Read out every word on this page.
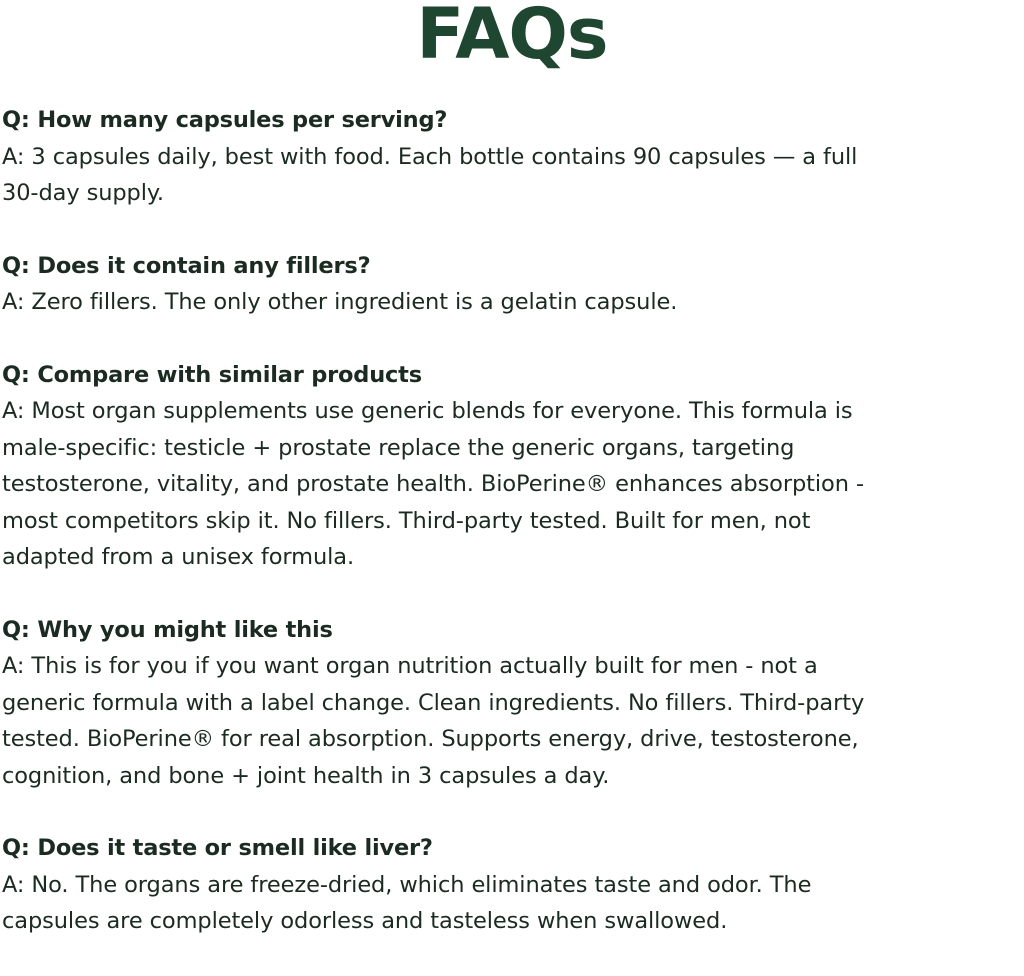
FAQs
Q: How many capsules per serving?
A: 3 capsules daily, best with food. Each bottle contains 90 capsules — a full
30-day supply.
Q: Does it contain any fillers?
A: Zero fillers. The only other ingredient is a gelatin capsule.
Q: Compare with similar products
A: Most organ supplements use generic blends for everyone. This formula is
male-specific: testicle + prostate replace the generic organs, targeting
testosterone, vitality, and prostate health. BioPerine® enhances absorption -
most competitors skip it. No fillers. Third-party tested. Built for men, not
adapted from a unisex formula.
Q: Why you might like this
A: This is for you if you want organ nutrition actually built for men - not a
generic formula with a label change. Clean ingredients. No fillers. Third-party
tested. BioPerine® for real absorption. Supports energy, drive, testosterone,
cognition, and bone + joint health in 3 capsules a day.
Q: Does it taste or smell like liver?
A: No. The organs are freeze-dried, which eliminates taste and odor. The
capsules are completely odorless and tasteless when swallowed.
